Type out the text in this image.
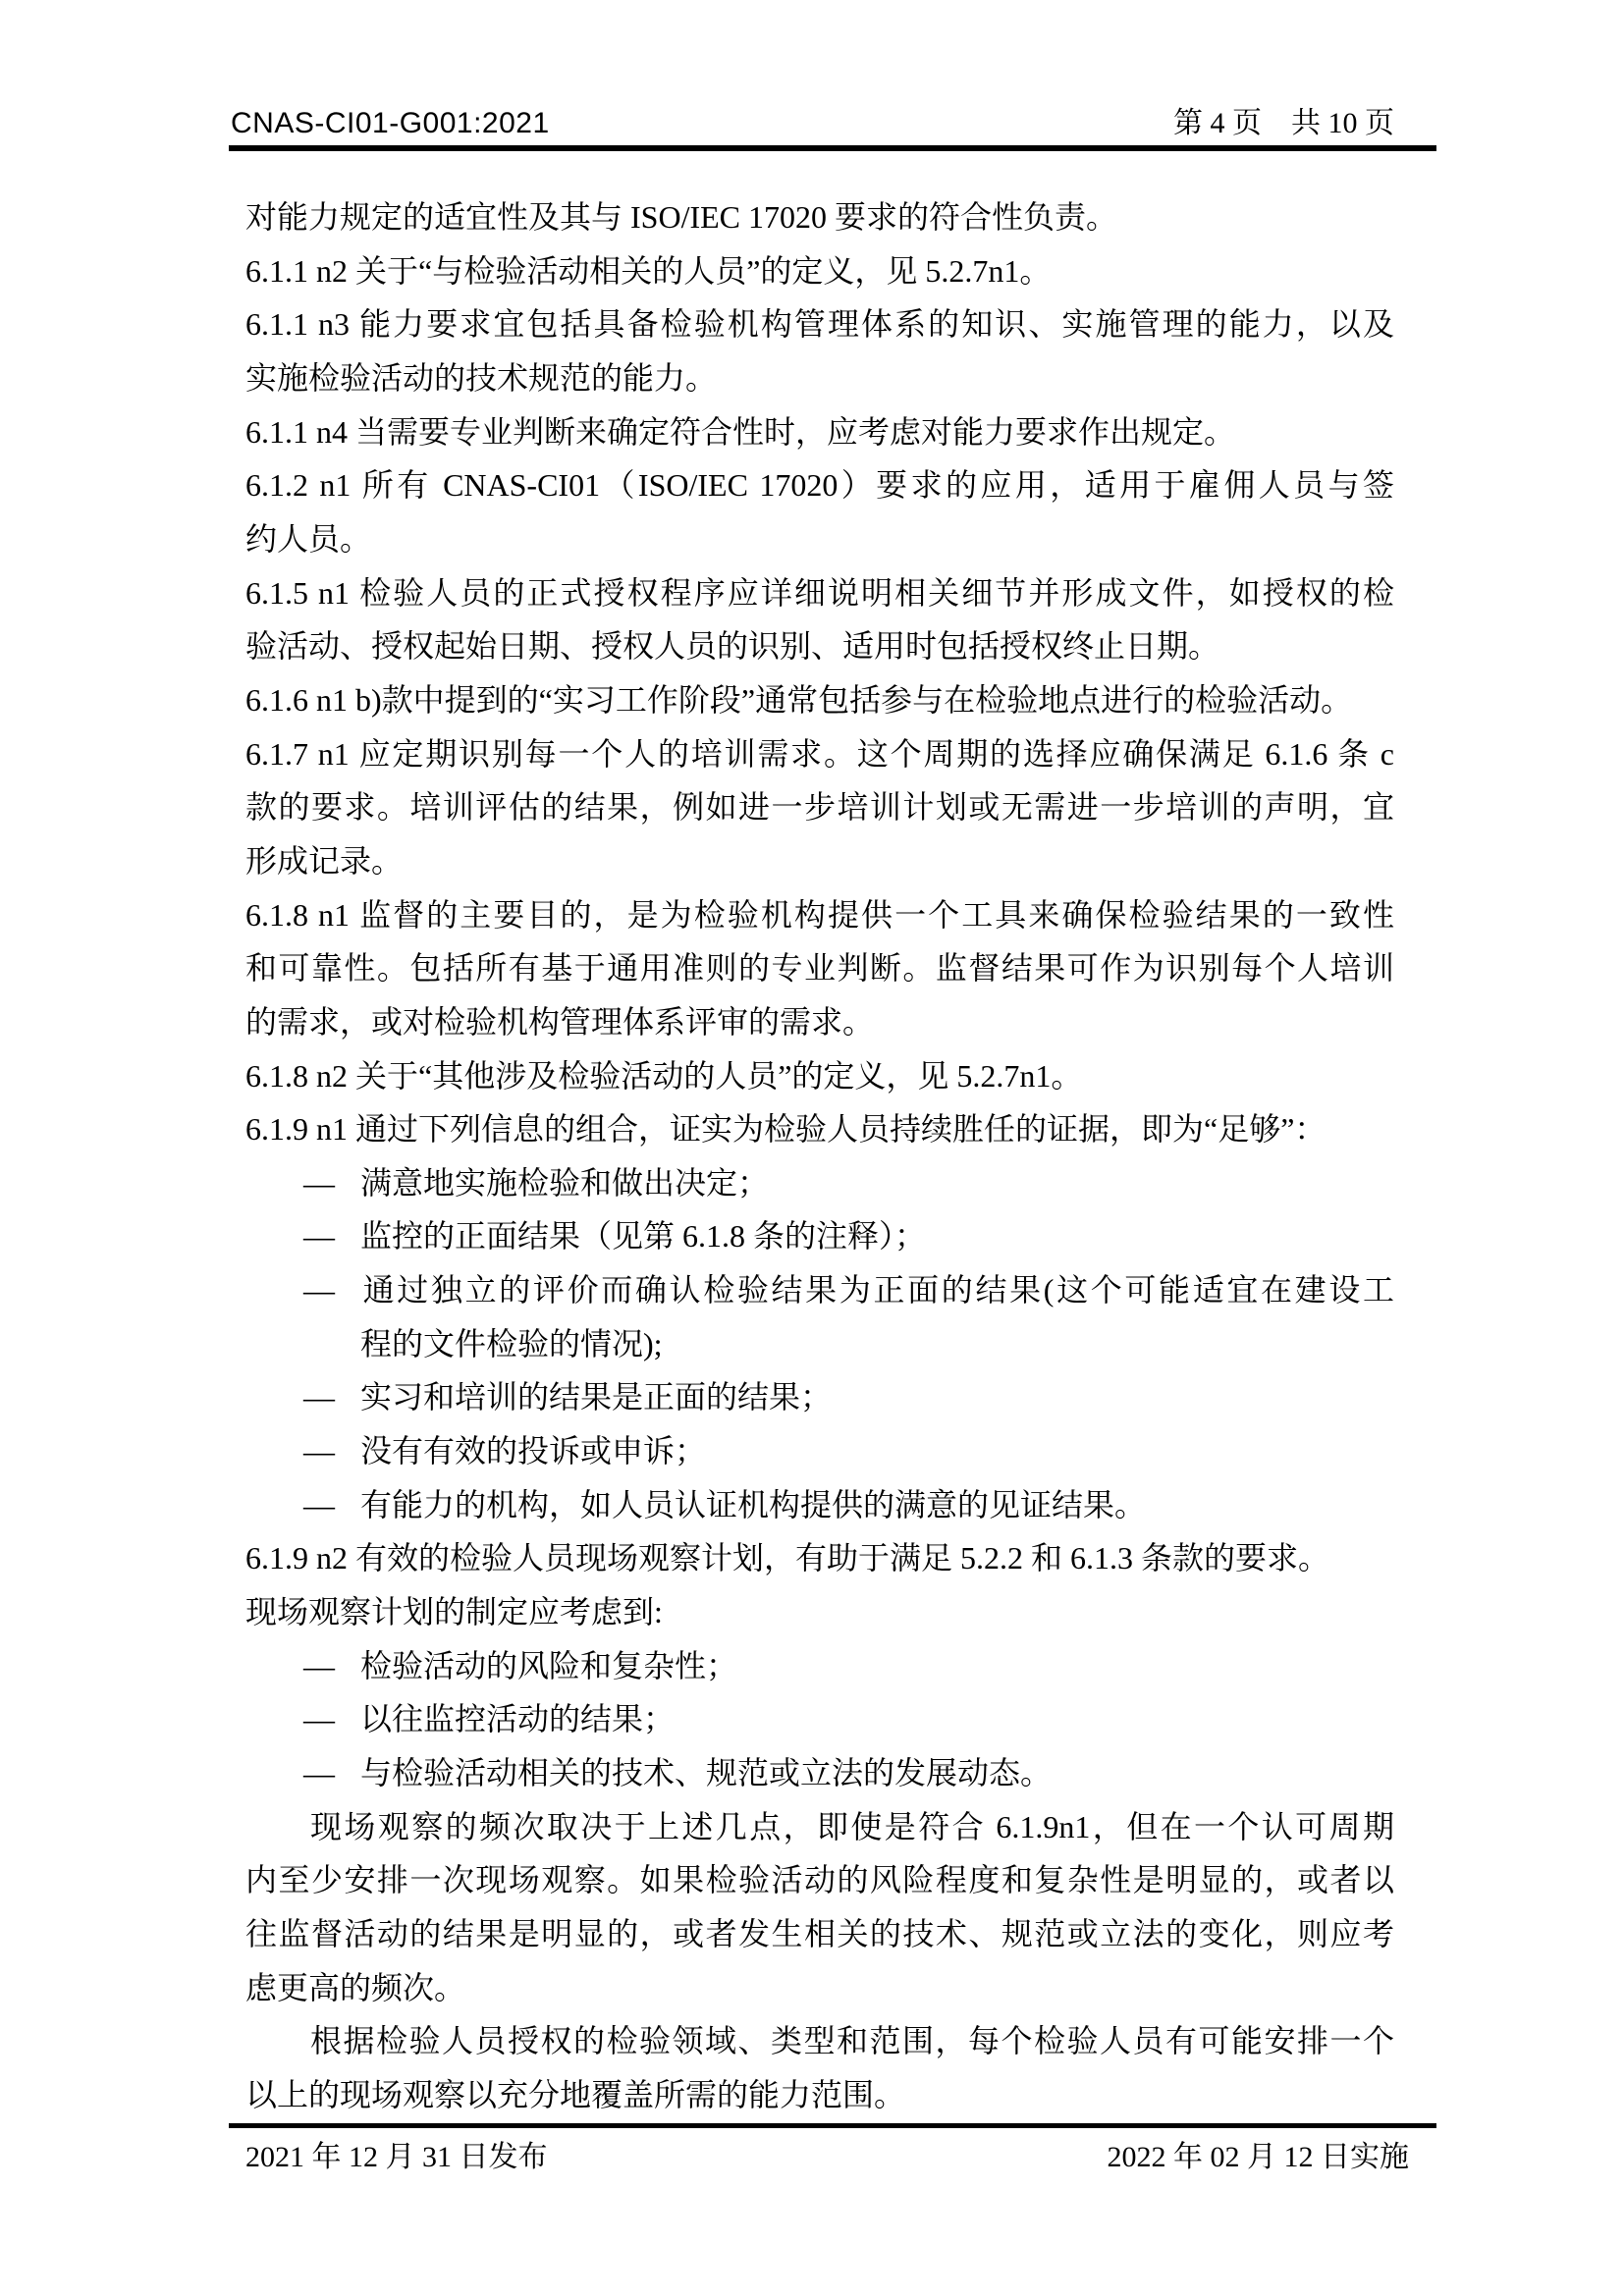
CNAS-CI01-G001:2021	第 4 页　共 10 页
对能力规定的适宜性及其与 ISO/IEC 17020 要求的符合性负责。
6.1.1 n2 关于“与检验活动相关的人员”的定义，见 5.2.7n1。
6.1.1 n3 能力要求宜包括具备检验机构管理体系的知识、实施管理的能力，以及
实施检验活动的技术规范的能力。
6.1.1 n4 当需要专业判断来确定符合性时，应考虑对能力要求作出规定。
6.1.2 n1 所有 CNAS-CI01（ISO/IEC 17020）要求的应用，适用于雇佣人员与签
约人员。
6.1.5 n1 检验人员的正式授权程序应详细说明相关细节并形成文件，如授权的检
验活动、授权起始日期、授权人员的识别、适用时包括授权终止日期。
6.1.6 n1 b)款中提到的“实习工作阶段”通常包括参与在检验地点进行的检验活动。
6.1.7 n1 应定期识别每一个人的培训需求。这个周期的选择应确保满足 6.1.6 条 c
款的要求。培训评估的结果，例如进一步培训计划或无需进一步培训的声明，宜
形成记录。
6.1.8 n1 监督的主要目的，是为检验机构提供一个工具来确保检验结果的一致性
和可靠性。包括所有基于通用准则的专业判断。监督结果可作为识别每个人培训
的需求，或对检验机构管理体系评审的需求。
6.1.8 n2 关于“其他涉及检验活动的人员”的定义，见 5.2.7n1。
6.1.9 n1 通过下列信息的组合，证实为检验人员持续胜任的证据，即为“足够”：
— 满意地实施检验和做出决定；
— 监控的正面结果（见第 6.1.8 条的注释）；
— 通过独立的评价而确认检验结果为正面的结果(这个可能适宜在建设工
程的文件检验的情况);
— 实习和培训的结果是正面的结果；
— 没有有效的投诉或申诉；
— 有能力的机构，如人员认证机构提供的满意的见证结果。
6.1.9 n2 有效的检验人员现场观察计划，有助于满足 5.2.2 和 6.1.3 条款的要求。
现场观察计划的制定应考虑到:
— 检验活动的风险和复杂性；
— 以往监控活动的结果；
— 与检验活动相关的技术、规范或立法的发展动态。
现场观察的频次取决于上述几点，即使是符合 6.1.9n1，但在一个认可周期
内至少安排一次现场观察。如果检验活动的风险程度和复杂性是明显的，或者以
往监督活动的结果是明显的，或者发生相关的技术、规范或立法的变化，则应考
虑更高的频次。
根据检验人员授权的检验领域、类型和范围，每个检验人员有可能安排一个
以上的现场观察以充分地覆盖所需的能力范围。
2021 年 12 月 31 日发布	2022 年 02 月 12 日实施
